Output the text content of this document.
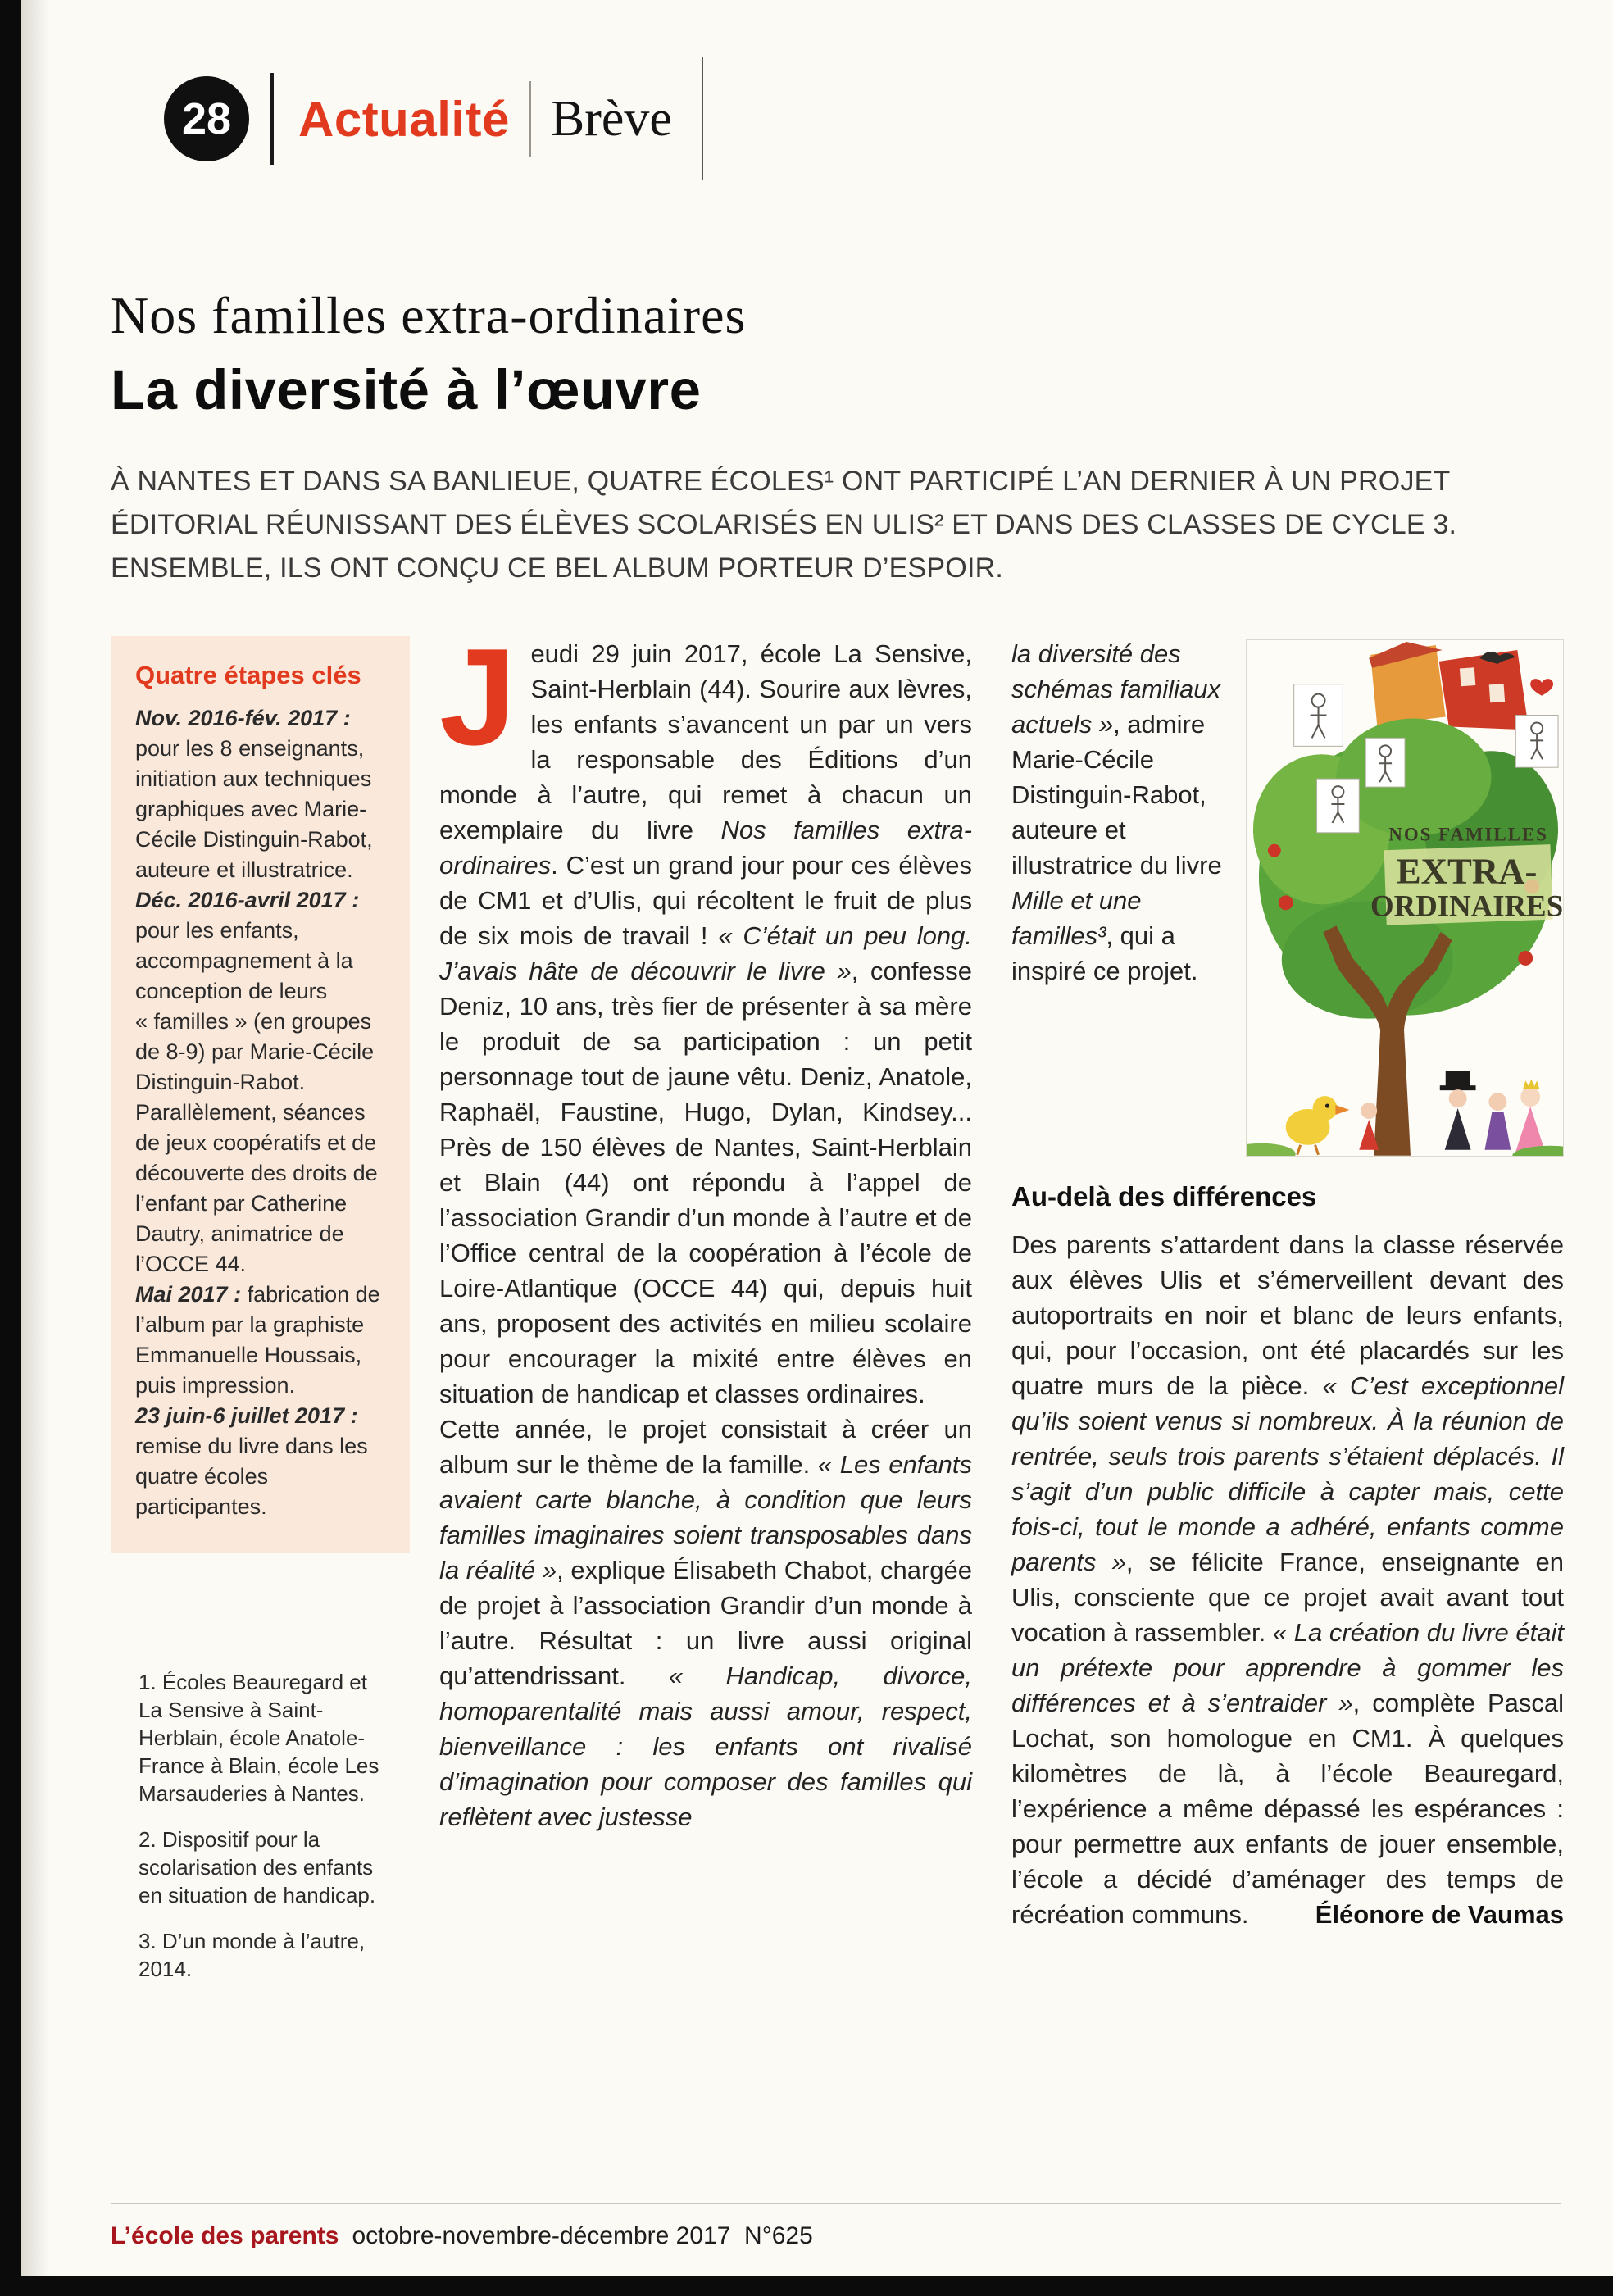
28	Actualité Brève
Nos familles extra-ordinaires
La diversité à l’œuvre

À NANTES ET DANS SA BANLIEUE, QUATRE ÉCOLES¹ ONT PARTICIPÉ L’AN DERNIER À UN PROJET ÉDITORIAL RÉUNISSANT DES ÉLÈVES SCOLARISÉS EN ULIS² ET DANS DES CLASSES DE CYCLE 3. ENSEMBLE, ILS ONT CONÇU CE BEL ALBUM PORTEUR D’ESPOIR.

Quatre étapes clés

Nov. 2016-fév. 2017 : pour les 8 enseignants, initiation aux techniques graphiques avec Marie-Cécile Distinguin-Rabot, auteure et illustratrice.

Déc. 2016-avril 2017 : pour les enfants, accompagnement à la conception de leurs « familles » (en groupes de 8-9) par Marie-Cécile Distinguin-Rabot. Parallèlement, séances de jeux coopératifs et de découverte des droits de l’enfant par Catherine Dautry, animatrice de l’OCCE 44.

Mai 2017 : fabrication de l’album par la graphiste Emmanuelle Houssais, puis impression.

23 juin-6 juillet 2017 : remise du livre dans les quatre écoles participantes.

1. Écoles Beauregard et La Sensive à Saint-Herblain, école Anatole-France à Blain, école Les Marsauderies à Nantes.

2. Dispositif pour la scolarisation des enfants en situation de handicap.

3. D’un monde à l’autre, 2014.

Jeudi 29 juin 2017, école La Sensive, Saint-Herblain (44). Sourire aux lèvres, les enfants s’avancent un par un vers la responsable des Éditions d’un monde à l’autre, qui remet à chacun un exemplaire du livre Nos familles extra-ordinaires. C’est un grand jour pour ces élèves de CM1 et d’Ulis, qui récoltent le fruit de plus de six mois de travail ! « C’était un peu long. J’avais hâte de découvrir le livre », confesse Deniz, 10 ans, très fier de présenter à sa mère le produit de sa participation : un petit personnage tout de jaune vêtu. Deniz, Anatole, Raphaël, Faustine, Hugo, Dylan, Kindsey... Près de 150 élèves de Nantes, Saint-Herblain et Blain (44) ont répondu à l’appel de l’association Grandir d’un monde à l’autre et de l’Office central de la coopération à l’école de Loire-Atlantique (OCCE 44) qui, depuis huit ans, proposent des activités en milieu scolaire pour encourager la mixité entre élèves en situation de handicap et classes ordinaires.

Cette année, le projet consistait à créer un album sur le thème de la famille. « Les enfants avaient carte blanche, à condition que leurs familles imaginaires soient transposables dans la réalité », explique Élisabeth Chabot, chargée de projet à l’association Grandir d’un monde à l’autre. Résultat : un livre aussi original qu’attendrissant. « Handicap, divorce, homoparentalité mais aussi amour, respect, bienveillance : les enfants ont rivalisé d’imagination pour composer des familles qui reflètent avec justesse

NOS FAMILLES
EXTRA-
ORDINAIRES

la diversité des schémas familiaux actuels », admire Marie-Cécile Distinguin-Rabot, auteure et illustratrice du livre Mille et une familles³, qui a inspiré ce projet.

Au-delà des différences

Des parents s’attardent dans la classe réservée aux élèves Ulis et s’émerveillent devant des autoportraits en noir et blanc de leurs enfants, qui, pour l’occasion, ont été placardés sur les quatre murs de la pièce. « C’est exceptionnel qu’ils soient venus si nombreux. À la réunion de rentrée, seuls trois parents s’étaient déplacés. Il s’agit d’un public difficile à capter mais, cette fois-ci, tout le monde a adhéré, enfants comme parents », se félicite France, enseignante en Ulis, consciente que ce projet avait avant tout vocation à rassembler. « La création du livre était un prétexte pour apprendre à gommer les différences et à s’entraider », complète Pascal Lochat, son homologue en CM1. À quelques kilomètres de là, à l’école Beauregard, l’expérience a même dépassé les espérances : pour permettre aux enfants de jouer ensemble, l’école a décidé d’aménager des temps de récréation communs.	Éléonore de Vaumas

L’école des parents octobre-novembre-décembre 2017  N°625
